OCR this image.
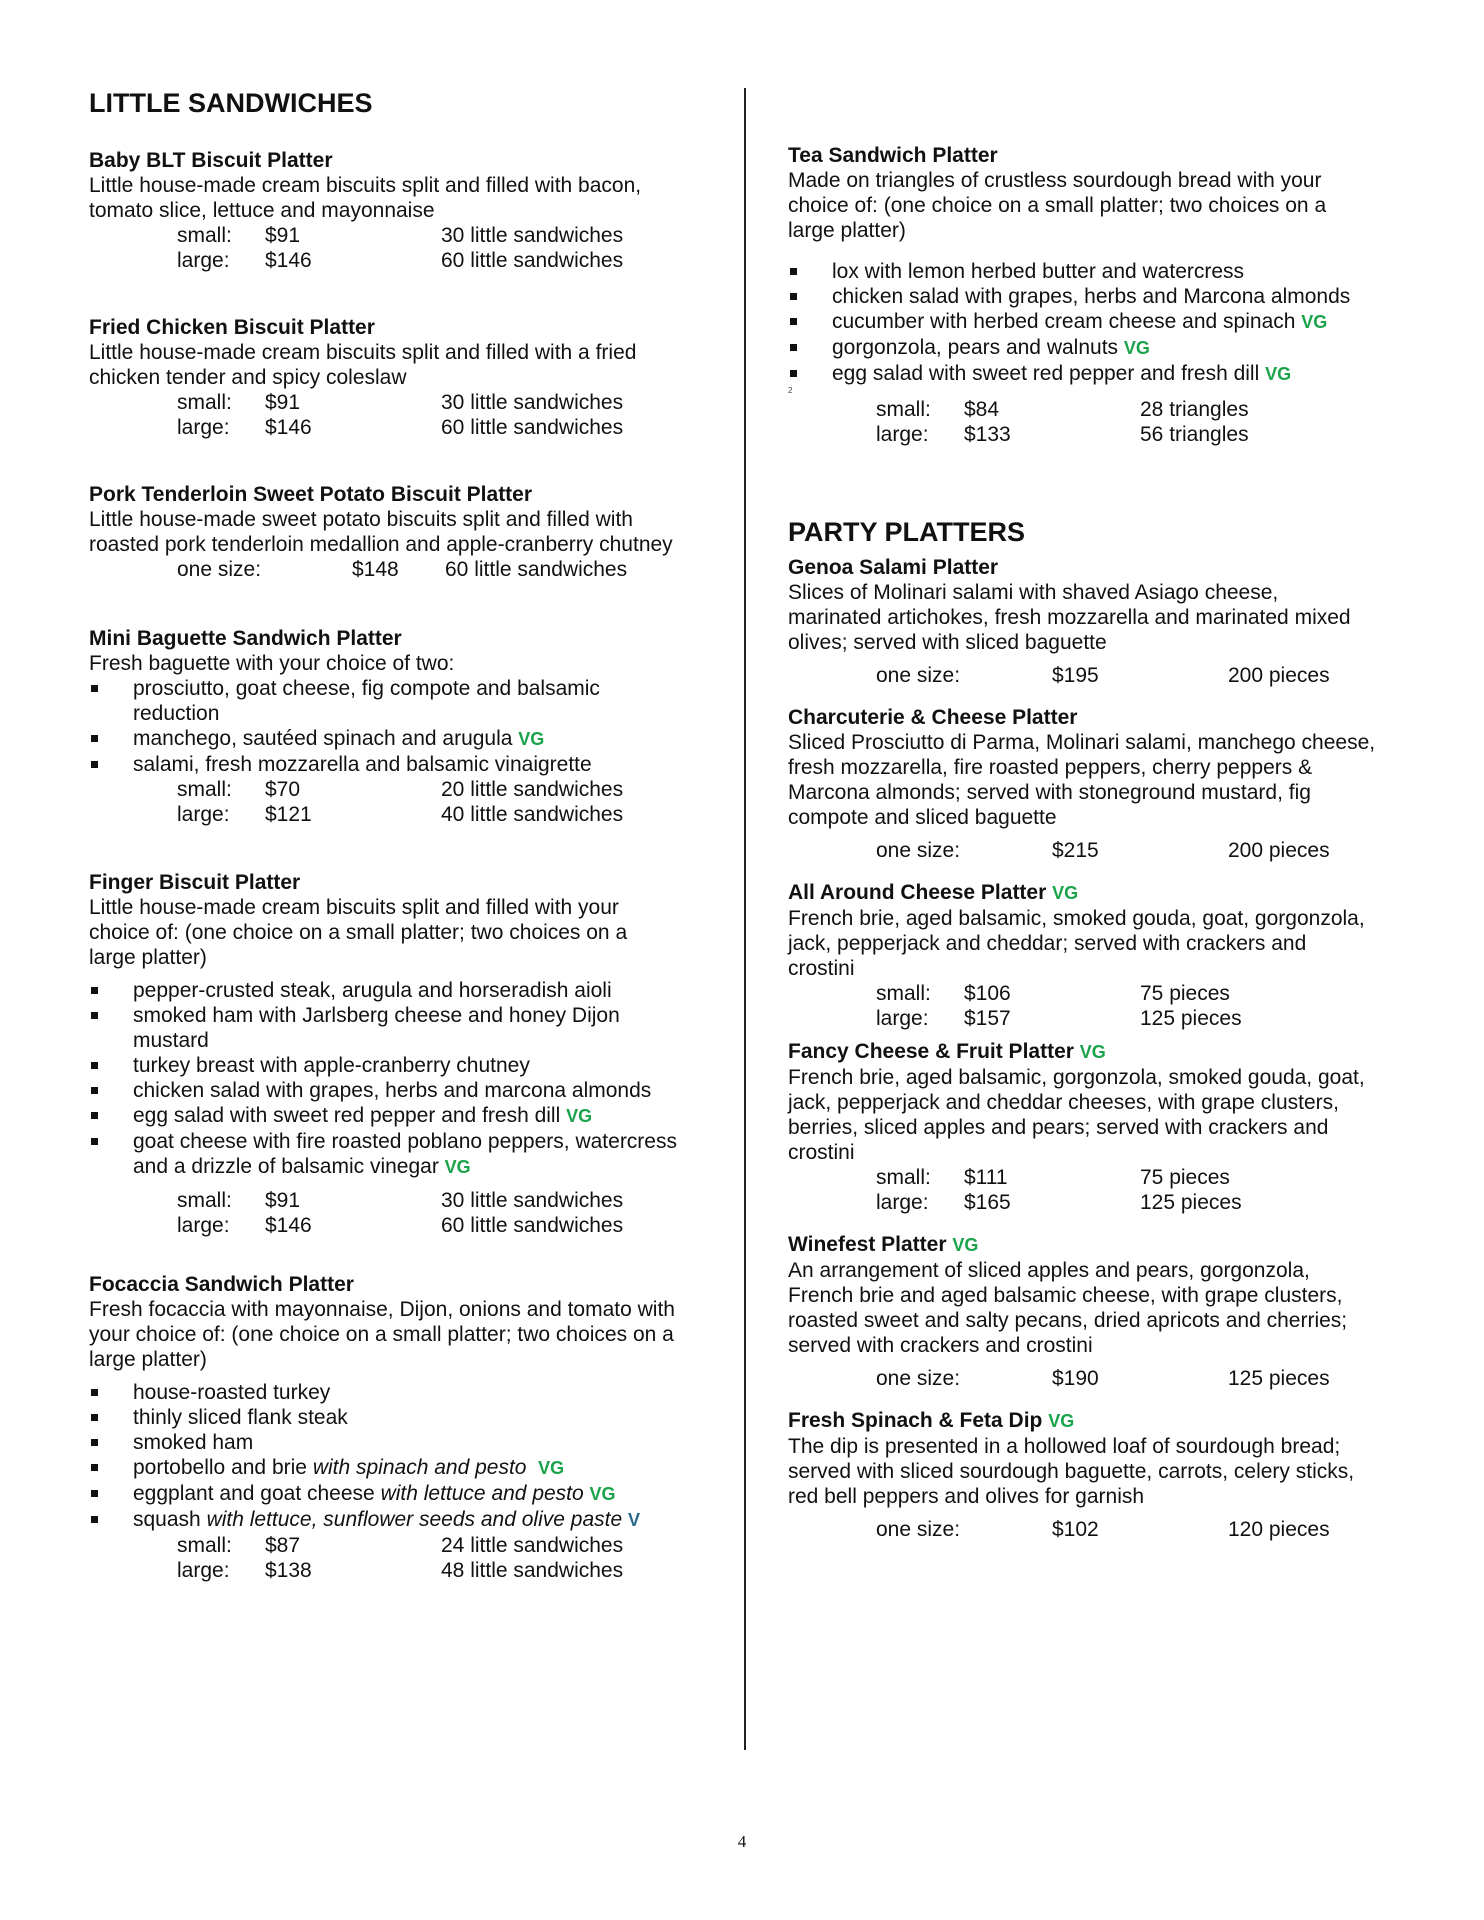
LITTLE SANDWICHES

Baby BLT Biscuit Platter

Little house-made cream biscuits split and filled with bacon,

tomato slice, lettuce and mayonnaise

small: $91	30 little sandwiches
large: $146	60 little sandwiches

Fried Chicken Biscuit Platter

Little house-made cream biscuits split and filled with a fried

chicken tender and spicy coleslaw

small: $91	30 little sandwiches
large: $146	60 little sandwiches

Pork Tenderloin Sweet Potato Biscuit Platter

Little house-made sweet potato biscuits split and filled with

roasted pork tenderloin medallion and apple-cranberry chutney

one size:	$148 60 little sandwiches

Mini Baguette Sandwich Platter

Fresh baguette with your choice of two:

prosciutto, goat cheese, fig compote and balsamic
reduction
manchego, sautéed spinach and arugula VG
salami, fresh mozzarella and balsamic vinaigrette
small: $70	20 little sandwiches
large: $121	40 little sandwiches

Finger Biscuit Platter

Little house-made cream biscuits split and filled with your

choice of: (one choice on a small platter; two choices on a

large platter)

pepper-crusted steak, arugula and horseradish aioli
smoked ham with Jarlsberg cheese and honey Dijon
mustard
turkey breast with apple-cranberry chutney
chicken salad with grapes, herbs and marcona almonds
egg salad with sweet red pepper and fresh dill VG
goat cheese with fire roasted poblano peppers, watercress
and a drizzle of balsamic vinegar VG
small: $91	30 little sandwiches
large: $146	60 little sandwiches

Focaccia Sandwich Platter

Fresh focaccia with mayonnaise, Dijon, onions and tomato with

your choice of: (one choice on a small platter; two choices on a

large platter)

house-roasted turkey
thinly sliced flank steak
smoked ham
portobello and brie with spinach and pesto VG
eggplant and goat cheese with lettuce and pesto VG
squash with lettuce, sunflower seeds and olive paste V
small: $87	24 little sandwiches
large: $138	48 little sandwiches

Tea Sandwich Platter

Made on triangles of crustless sourdough bread with your

choice of: (one choice on a small platter; two choices on a

large platter)

lox with lemon herbed butter and watercress
chicken salad with grapes, herbs and Marcona almonds
cucumber with herbed cream cheese and spinach VG
gorgonzola, pears and walnuts VG
egg salad with sweet red pepper and fresh dill VG
2
small: $84	28 triangles
large: $133	56 triangles
PARTY PLATTERS

Genoa Salami Platter

Slices of Molinari salami with shaved Asiago cheese,

marinated artichokes, fresh mozzarella and marinated mixed

olives; served with sliced baguette

one size:	$195	200 pieces

Charcuterie & Cheese Platter

Sliced Prosciutto di Parma, Molinari salami, manchego cheese,

fresh mozzarella, fire roasted peppers, cherry peppers &

Marcona almonds; served with stoneground mustard, fig

compote and sliced baguette

one size:	$215	200 pieces

All Around Cheese Platter VG

French brie, aged balsamic, smoked gouda, goat, gorgonzola,

jack, pepperjack and cheddar; served with crackers and

crostini

small: $106	75 pieces
large: $157	125 pieces

Fancy Cheese & Fruit Platter VG

French brie, aged balsamic, gorgonzola, smoked gouda, goat,

jack, pepperjack and cheddar cheeses, with grape clusters,

berries, sliced apples and pears; served with crackers and

crostini

small: $111	75 pieces
large: $165	125 pieces

Winefest Platter VG

An arrangement of sliced apples and pears, gorgonzola,

French brie and aged balsamic cheese, with grape clusters,

roasted sweet and salty pecans, dried apricots and cherries;

served with crackers and crostini

one size:	$190	125 pieces

Fresh Spinach & Feta Dip VG

The dip is presented in a hollowed loaf of sourdough bread;

served with sliced sourdough baguette, carrots, celery sticks,

red bell peppers and olives for garnish

one size:	$102	120 pieces
4
